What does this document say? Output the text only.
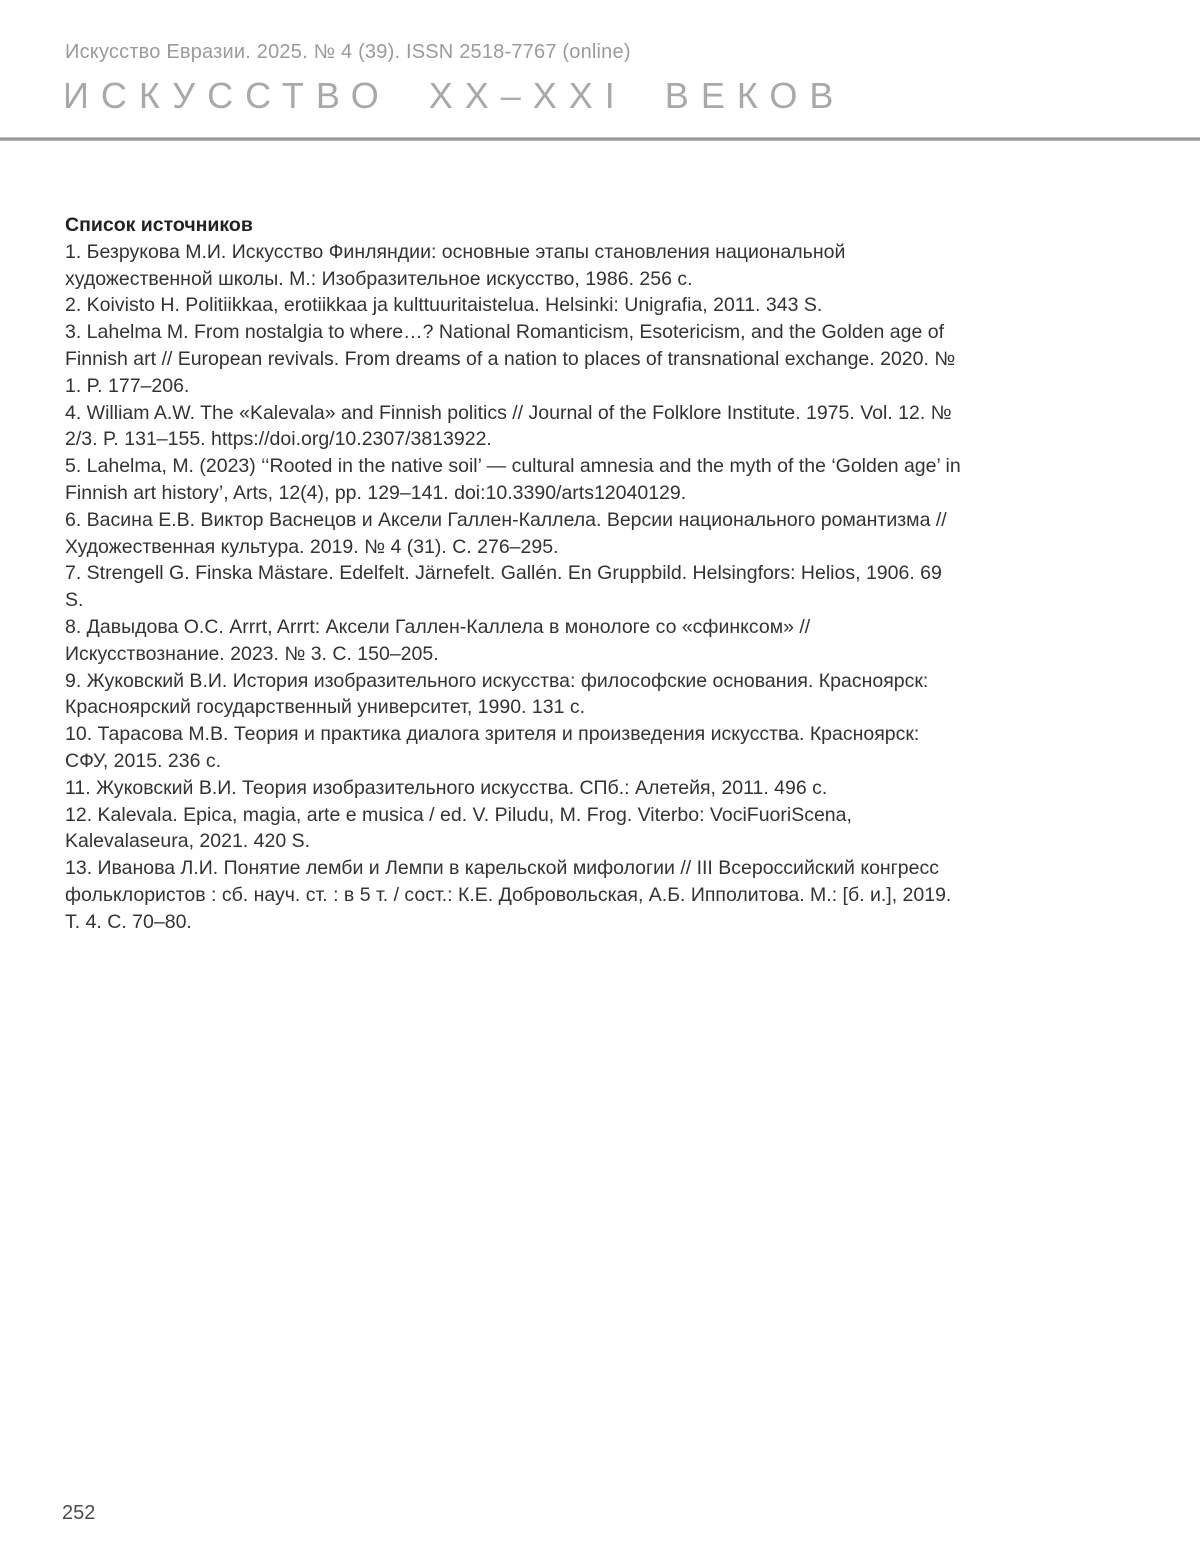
Искусство Евразии. 2025. № 4 (39). ISSN 2518-7767 (online)
ИСКУССТВО XX–XXI ВЕКОВ
Список источников

1. Безрукова М.И. Искусство Финляндии: основные этапы становления национальной художественной школы. М.: Изобразительное искусство, 1986. 256 с.

2. Koivisto H. Politiikkaa, erotiikkaa ja kulttuuritaistelua. Helsinki: Unigrafia, 2011. 343 S.

3. Lahelma M. From nostalgia to where…? National Romanticism, Esotericism, and the Golden age of Finnish art // European revivals. From dreams of a nation to places of transnational exchange. 2020. № 1. P. 177–206.

4. William A.W. The «Kalevala» and Finnish politics // Journal of the Folklore Institute. 1975. Vol. 12. № 2/3. P. 131–155. https://doi.org/10.2307/3813922.

5. Lahelma, M. (2023) ‘‘Rooted in the native soil’ — cultural amnesia and the myth of the ‘Golden age’ in Finnish art history’, Arts, 12(4), pp. 129–141. doi:10.3390/arts12040129.

6. Васина Е.В. Виктор Васнецов и Аксели Галлен-Каллела. Версии национального романтизма // Художественная культура. 2019. № 4 (31). С. 276–295.

7. Strengell G. Finska Mästare. Edelfelt. Järnefelt. Gallén. En Gruppbild. Helsingfors: Helios, 1906. 69 S.

8. Давыдова О.С. Arrrt, Arrrt: Аксели Галлен-Каллела в монологе со «сфинксом» // Искусствознание. 2023. № 3. С. 150–205.

9. Жуковский В.И. История изобразительного искусства: философские основания. Красноярск: Красноярский государственный университет, 1990. 131 с.

10. Тарасова М.В. Теория и практика диалога зрителя и произведения искусства. Красноярск: СФУ, 2015. 236 с.

11. Жуковский В.И. Теория изобразительного искусства. СПб.: Алетейя, 2011. 496 с.

12. Kalevala. Epica, magia, arte e musica / ed. V. Piludu, M. Frog. Viterbo: VociFuoriScena, Kalevalaseura, 2021. 420 S.

13. Иванова Л.И. Понятие лемби и Лемпи в карельской мифологии // III Всероссийский конгресс фольклористов : сб. науч. ст. : в 5 т. / сост.: К.Е. Добровольская, А.Б. Ипполитова. М.: [б. и.], 2019. Т. 4. С. 70–80.

252
